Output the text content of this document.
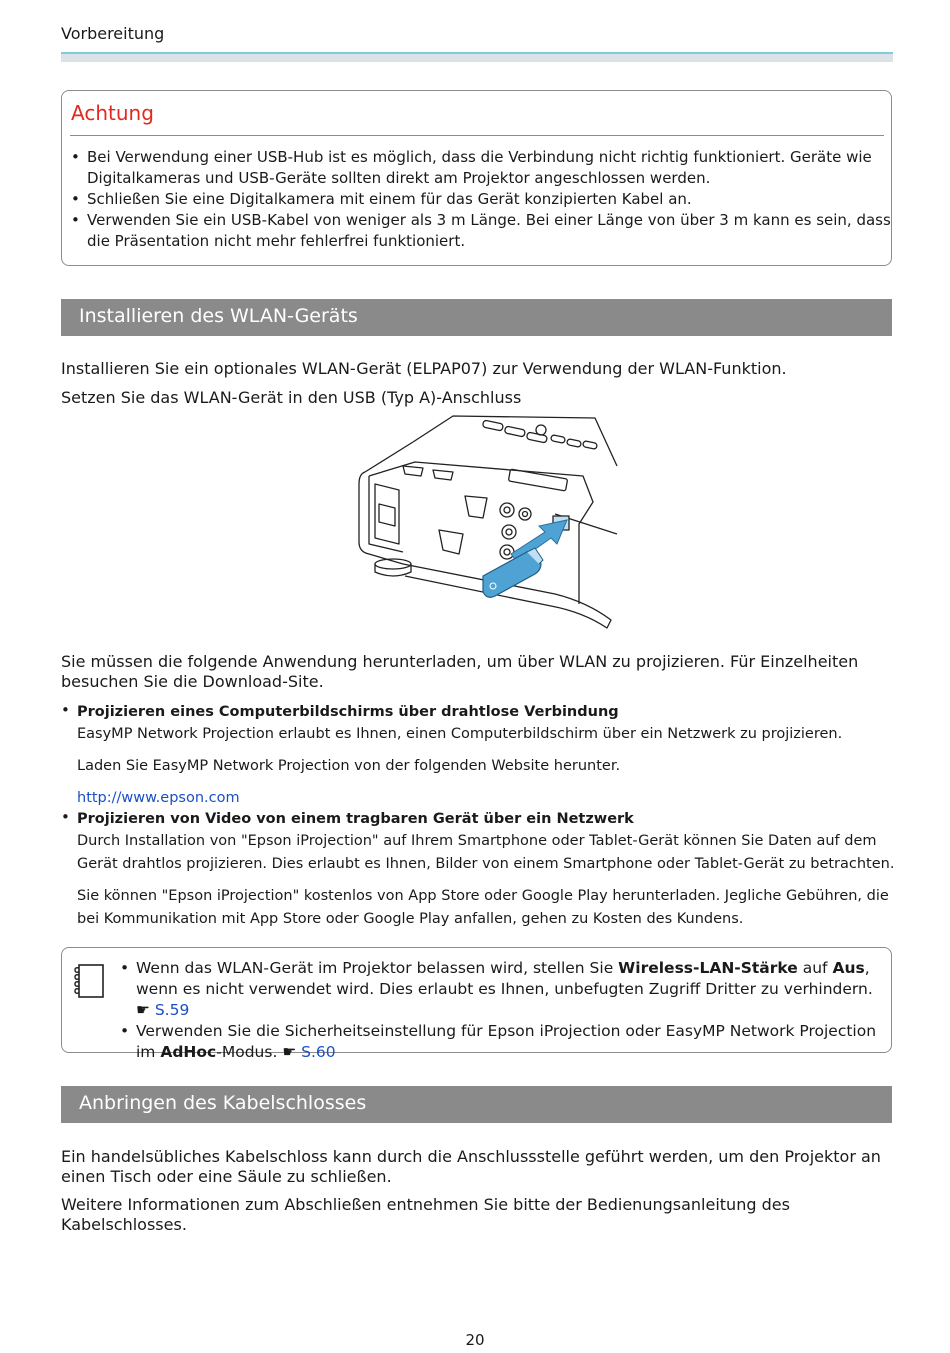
Vorbereitung
Achtung
• Bei Verwendung einer USB-Hub ist es möglich, dass die Verbindung nicht richtig funktioniert. Geräte wie Digitalkameras und USB-Geräte sollten direkt am Projektor angeschlossen werden.
• Schließen Sie eine Digitalkamera mit einem für das Gerät konzipierten Kabel an.
• Verwenden Sie ein USB-Kabel von weniger als 3 m Länge. Bei einer Länge von über 3 m kann es sein, dass die Präsentation nicht mehr fehlerfrei funktioniert.
Installieren des WLAN-Geräts
Installieren Sie ein optionales WLAN-Gerät (ELPAP07) zur Verwendung der WLAN-Funktion.
Setzen Sie das WLAN-Gerät in den USB (Typ A)-Anschluss
Sie müssen die folgende Anwendung herunterladen, um über WLAN zu projizieren. Für Einzelheiten besuchen Sie die Download-Site.
• Projizieren eines Computerbildschirms über drahtlose Verbindung
EasyMP Network Projection erlaubt es Ihnen, einen Computerbildschirm über ein Netzwerk zu projizieren.
Laden Sie EasyMP Network Projection von der folgenden Website herunter.
http://www.epson.com
• Projizieren von Video von einem tragbaren Gerät über ein Netzwerk
Durch Installation von "Epson iProjection" auf Ihrem Smartphone oder Tablet-Gerät können Sie Daten auf dem Gerät drahtlos projizieren. Dies erlaubt es Ihnen, Bilder von einem Smartphone oder Tablet-Gerät zu betrachten.
Sie können "Epson iProjection" kostenlos von App Store oder Google Play herunterladen. Jegliche Gebühren, die bei Kommunikation mit App Store oder Google Play anfallen, gehen zu Kosten des Kundens.
• Wenn das WLAN-Gerät im Projektor belassen wird, stellen Sie Wireless-LAN-Stärke auf Aus, wenn es nicht verwendet wird. Dies erlaubt es Ihnen, unbefugten Zugriff Dritter zu verhindern. ☛ S.59
• Verwenden Sie die Sicherheitseinstellung für Epson iProjection oder EasyMP Network Projection im AdHoc-Modus. ☛ S.60
Anbringen des Kabelschlosses
Ein handelsübliches Kabelschloss kann durch die Anschlussstelle geführt werden, um den Projektor an einen Tisch oder eine Säule zu schließen.
Weitere Informationen zum Abschließen entnehmen Sie bitte der Bedienungsanleitung des Kabelschlosses.
20
